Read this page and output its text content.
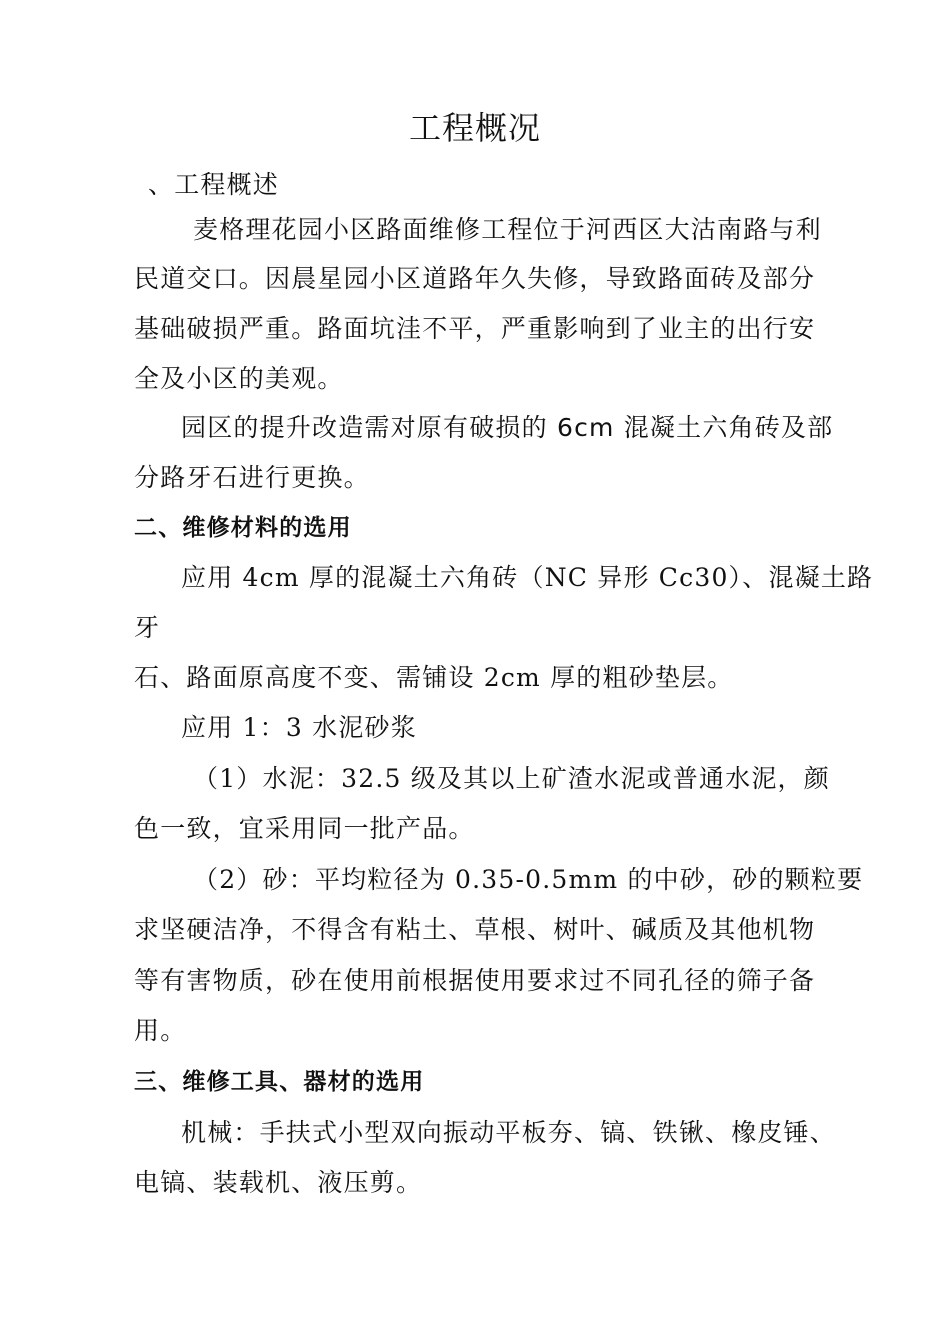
工程概况
、工程概述
麦格理花园小区路面维修工程位于河西区大沽南路与利
民道交口。因晨星园小区道路年久失修，导致路面砖及部分
基础破损严重。路面坑洼不平，严重影响到了业主的出行安
全及小区的美观。
园区的提升改造需对原有破损的 6cm 混凝土六角砖及部
分路牙石进行更换。
二、维修材料的选用
应用 4cm 厚的混凝土六角砖（NC 异形 Cc30）、混凝土路
牙
石、路面原高度不变、需铺设 2cm 厚的粗砂垫层。
应用 1：3 水泥砂浆
（1）水泥：32.5 级及其以上矿渣水泥或普通水泥，颜
色一致，宜采用同一批产品。
（2）砂：平均粒径为 0.35-0.5mm 的中砂，砂的颗粒要
求坚硬洁净，不得含有粘土、草根、树叶、碱质及其他机物
等有害物质，砂在使用前根据使用要求过不同孔径的筛子备
用。
三、维修工具、器材的选用
机械：手扶式小型双向振动平板夯、镐、铁锹、橡皮锤、
电镐、装载机、液压剪。
